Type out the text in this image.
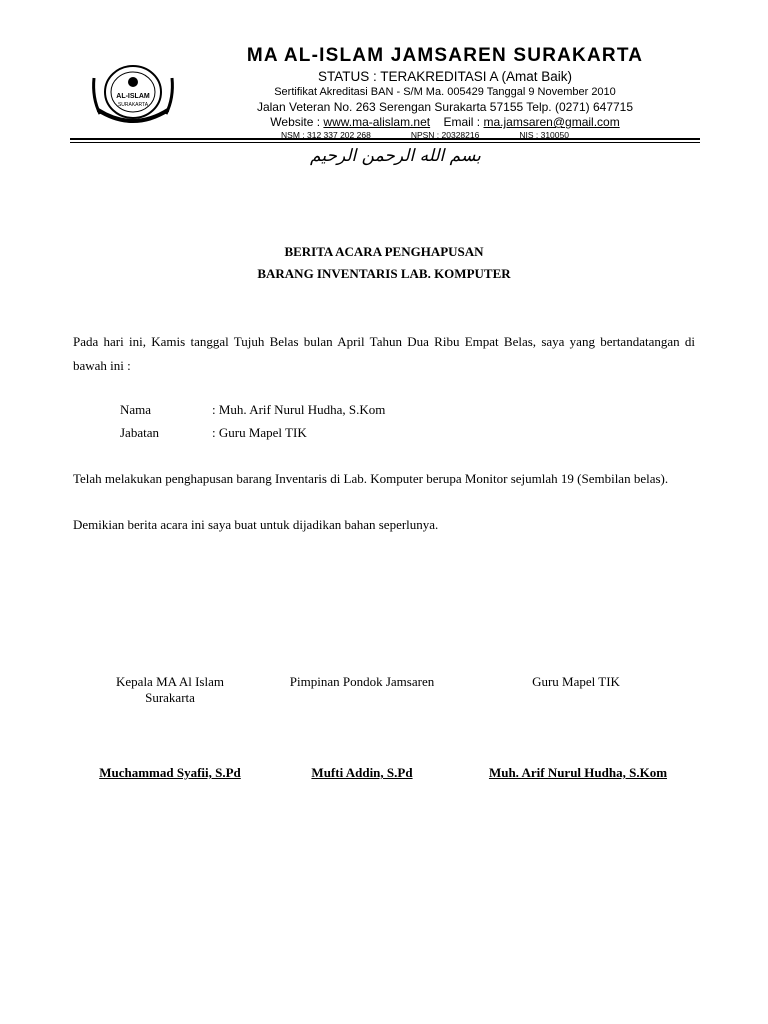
AL-ISLAM
SURAKARTA
MA AL-ISLAM JAMSAREN SURAKARTA
STATUS : TERAKREDITASI A (Amat Baik)
Sertifikat Akreditasi BAN - S/M Ma. 005429 Tanggal 9 November 2010
Jalan Veteran No. 263 Serengan Surakarta 57155 Telp. (0271) 647715
Website : www.ma-alislam.net Email : ma.jamsaren@gmail.com
NSM : 312 337 202 268	NPSN : 20328216	NIS : 310050
بسم الله الرحمن الرحيم
BERITA ACARA PENGHAPUSAN
BARANG INVENTARIS LAB. KOMPUTER
Pada hari ini, Kamis tanggal Tujuh Belas bulan April Tahun Dua Ribu Empat Belas, saya yang bertandatangan di bawah ini :
Nama	: Muh. Arif Nurul Hudha, S.Kom
Jabatan	: Guru Mapel TIK
Telah melakukan penghapusan barang Inventaris di Lab. Komputer berupa Monitor sejumlah 19 (Sembilan belas).
Demikian berita acara ini saya buat untuk dijadikan bahan seperlunya.
Kepala MA Al Islam
Surakarta
Pimpinan Pondok Jamsaren	Guru Mapel TIK
Muchammad Syafii, S.Pd	Mufti Addin, S.Pd	Muh. Arif Nurul Hudha, S.Kom
